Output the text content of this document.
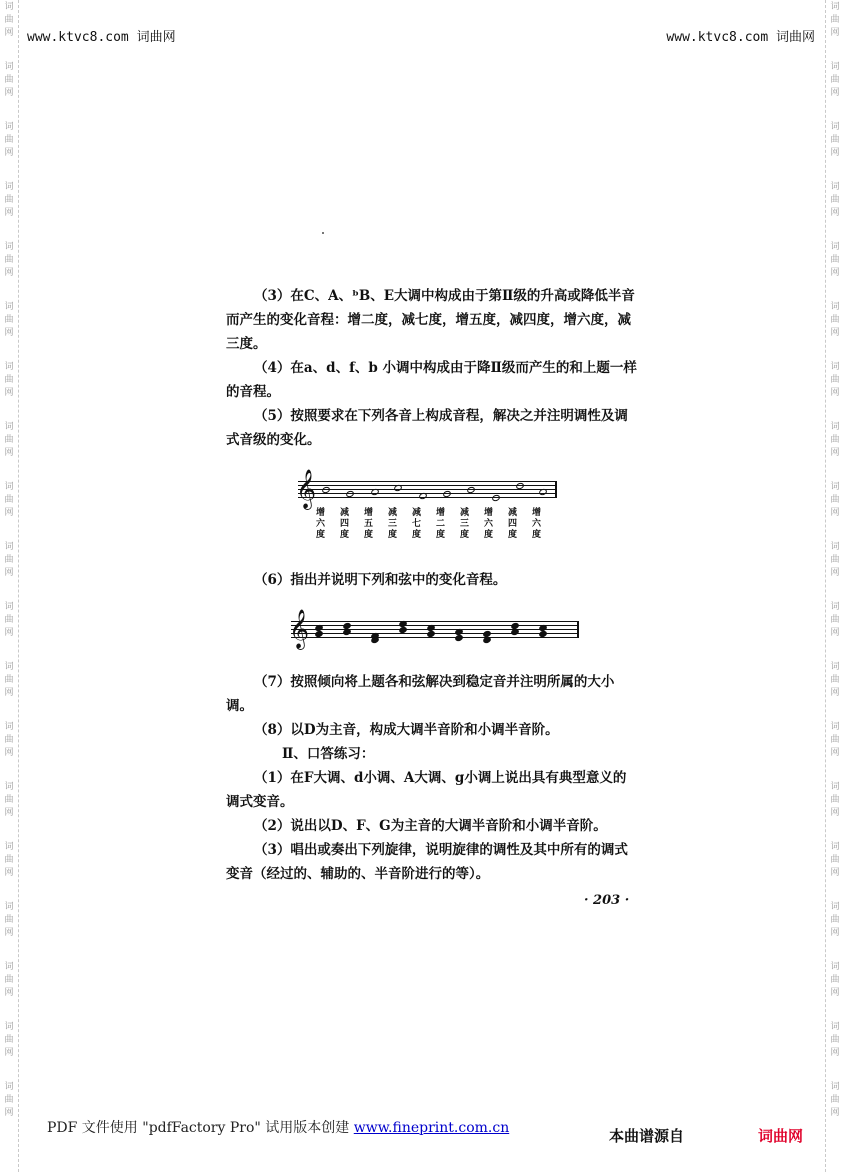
词
曲
网
词
曲
网
词
曲
网
词
曲
网
词
曲
网
词
曲
网
词
曲
网
词
曲
网
词
曲
网
词
曲
网
词
曲
网
词
曲
网
词
曲
网
词
曲
网
词
曲
网
词
曲
网
词
曲
网
词
曲
网
词
曲
网
词
曲
网
词
曲
网
词
曲
网
词
曲
网
词
曲
网
词
曲
网
词
曲
网
词
曲
网
词
曲
网
词
曲
网
词
曲
网
词
曲
网
词
曲
网
词
曲
网
词
曲
网
词
曲
网
词
曲
网
词
曲
网
词
曲
网
www.ktvc8.com 词曲网	www.ktvc8.com 词曲网

（3）在C、A、ᵇB、E大调中构成由于第Ⅱ级的升高或降低半音而产生的变化音程：增二度，减七度，增五度，减四度，增六度，减三度。

（4）在a、d、f、b 小调中构成由于降Ⅱ级而产生的和上题一样的音程。

（5）按照要求在下列各音上构成音程，解决之并注明调性及调式音级的变化。

𝄞
增六度	减四度	增五度	减三度	减七度	增二度	减三度	增六度	减四度	增六度

（6）指出并说明下列和弦中的变化音程。

𝄞

（7）按照倾向将上题各和弦解决到稳定音并注明所属的大小调。

（8）以D为主音，构成大调半音阶和小调半音阶。

Ⅱ、口答练习：

（1）在F大调、d小调、A大调、g小调上说出具有典型意义的调式变音。

（2）说出以D、F、G为主音的大调半音阶和小调半音阶。

（3）唱出或奏出下列旋律，说明旋律的调性及其中所有的调式变音（经过的、辅助的、半音阶进行的等）。

· 203 ·
PDF 文件使用 "pdfFactory Pro" 试用版本创建 www.fineprint.com.cn	本曲谱源自	词曲网
